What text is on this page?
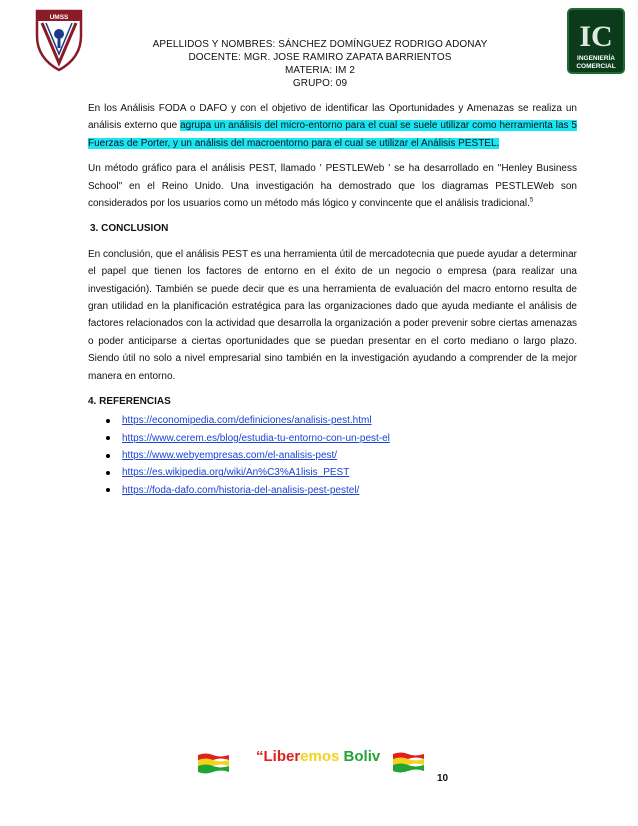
UMSS
IC
INGENIERÍA
COMERCIAL
APELLIDOS Y NOMBRES: SÁNCHEZ DOMÍNGUEZ RODRIGO ADONAY
DOCENTE: MGR. JOSE RAMIRO ZAPATA BARRIENTOS
MATERIA: IM 2
GRUPO: 09

En los Análisis FODA o DAFO y con el objetivo de identificar las Oportunidades y Amenazas se realiza un análisis externo que agrupa un análisis del micro-entorno para el cual se suele utilizar como herramienta las 5 Fuerzas de Porter, y un análisis del macroentorno para el cual se utilizar el Análisis PESTEL.

Un método gráfico para el análisis PEST, llamado ' PESTLEWeb ' se ha desarrollado en "Henley Business School" en el Reino Unido. Una investigación ha demostrado que los diagramas PESTLEWeb son considerados por los usuarios como un método más lógico y convincente que el análisis tradicional.$^5$

3. CONCLUSION

En conclusión, que el análisis PEST es una herramienta útil de mercadotecnia que puede ayudar a determinar el papel que tienen los factores de entorno en el éxito de un negocio o empresa (para realizar una investigación). También se puede decir que es una herramienta de evaluación del macro entorno resulta de gran utilidad en la planificación estratégica para las organizaciones dado que ayuda mediante el análisis de factores relacionados con la actividad que desarrolla la organización a poder prevenir sobre ciertas amenazas o poder anticiparse a ciertas oportunidades que se puedan presentar en el corto mediano o largo plazo. Siendo útil no solo a nivel empresarial sino también en la investigación ayudando a comprender de la mejor manera en entorno.

4. REFERENCIAS
https://economipedia.com/definiciones/analisis-pest.html
https://www.cerem.es/blog/estudia-tu-entorno-con-un-pest-el
https://www.webyempresas.com/el-analisis-pest/
https://es.wikipedia.org/wiki/An%C3%A1lisis_PEST
https://foda-dafo.com/historia-del-analisis-pest-pestel/
“Liberemos Boliv
10
